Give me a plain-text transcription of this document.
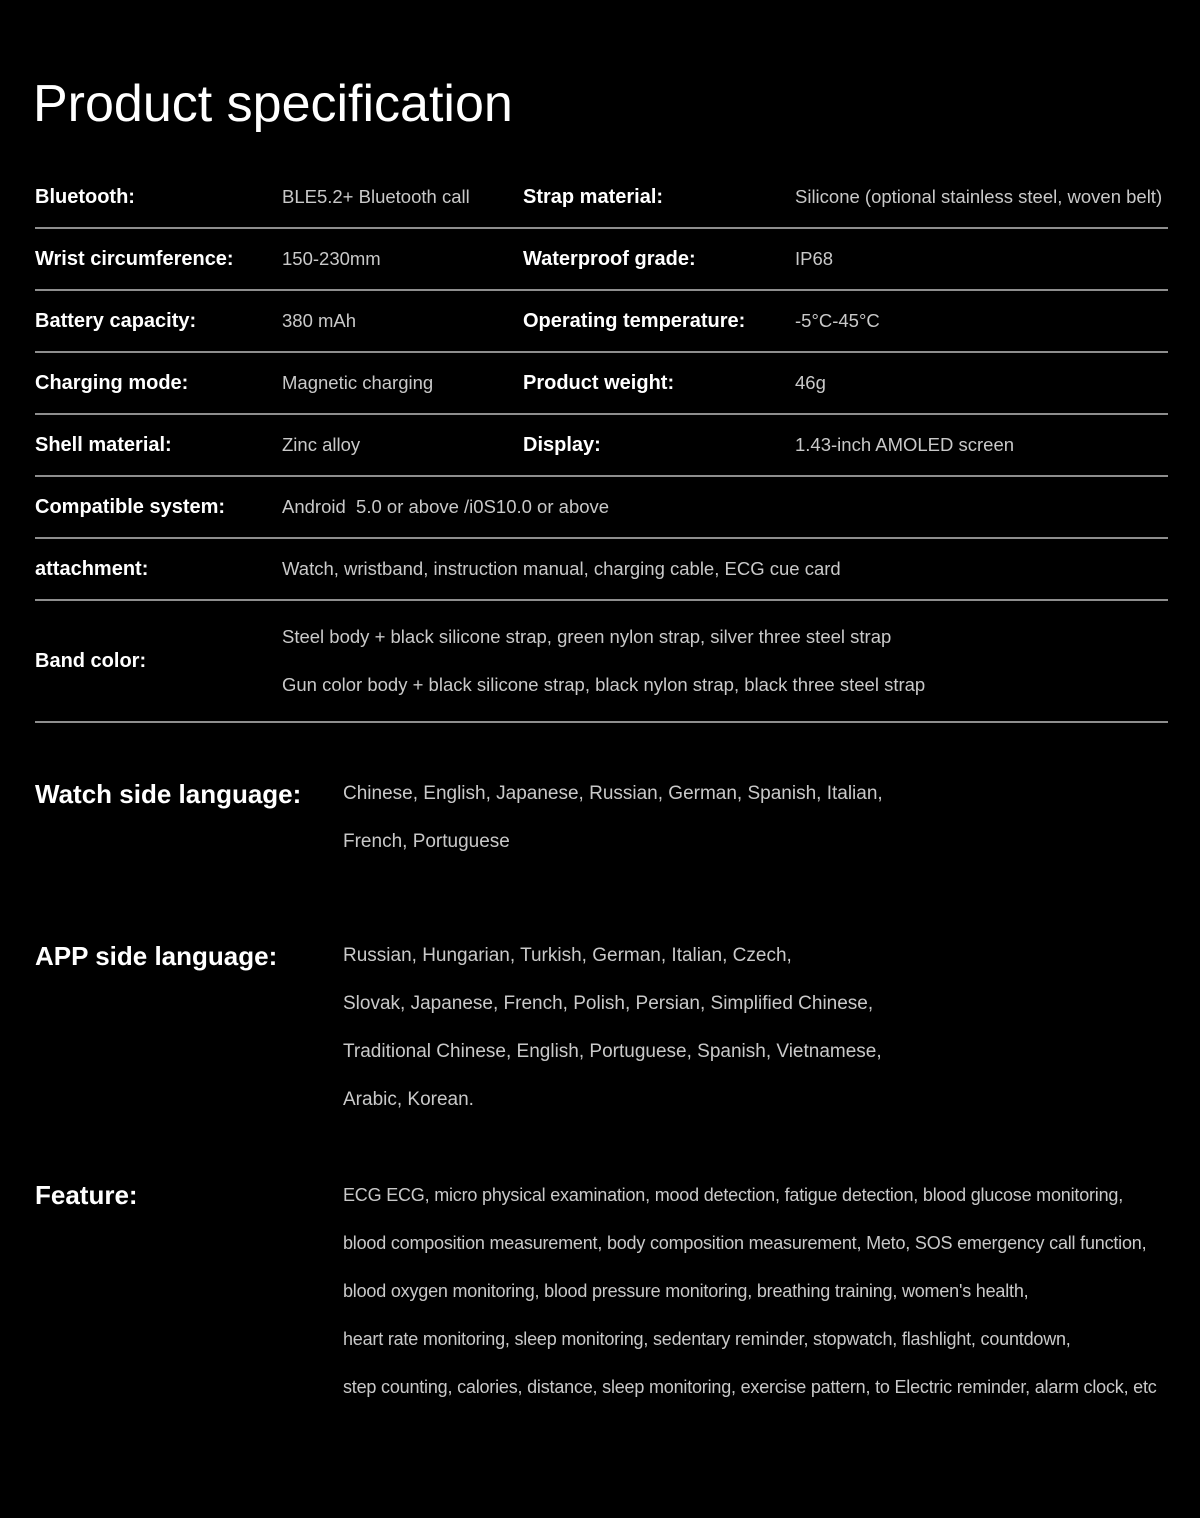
Product specification
Bluetooth:	BLE5.2+ Bluetooth call	Strap material:	Silicone (optional stainless steel, woven belt)
Wrist circumference:	150-230mm	Waterproof grade:	IP68
Battery capacity:	380 mAh	Operating temperature:	-5°C-45°C
Charging mode:	Magnetic charging	Product weight:	46g
Shell material:	Zinc alloy	Display:	1.43-inch AMOLED screen
Compatible system:	Android  5.0 or above /i0S10.0 or above
attachment:	Watch, wristband, instruction manual, charging cable, ECG cue card
Band color:
Steel body + black silicone strap, green nylon strap, silver three steel strap
Gun color body + black silicone strap, black nylon strap, black three steel strap
Watch side language:	Chinese, English, Japanese, Russian, German, Spanish, Italian,
French, Portuguese
APP side language:	Russian, Hungarian, Turkish, German, Italian, Czech,
Slovak, Japanese, French, Polish, Persian, Simplified Chinese,
Traditional Chinese, English, Portuguese, Spanish, Vietnamese,
Arabic, Korean.
Feature:	ECG ECG, micro physical examination, mood detection, fatigue detection, blood glucose monitoring,
blood composition measurement, body composition measurement, Meto, SOS emergency call function,
blood oxygen monitoring, blood pressure monitoring, breathing training, women's health,
heart rate monitoring, sleep monitoring, sedentary reminder, stopwatch, flashlight, countdown,
step counting, calories, distance, sleep monitoring, exercise pattern, to Electric reminder, alarm clock, etc
